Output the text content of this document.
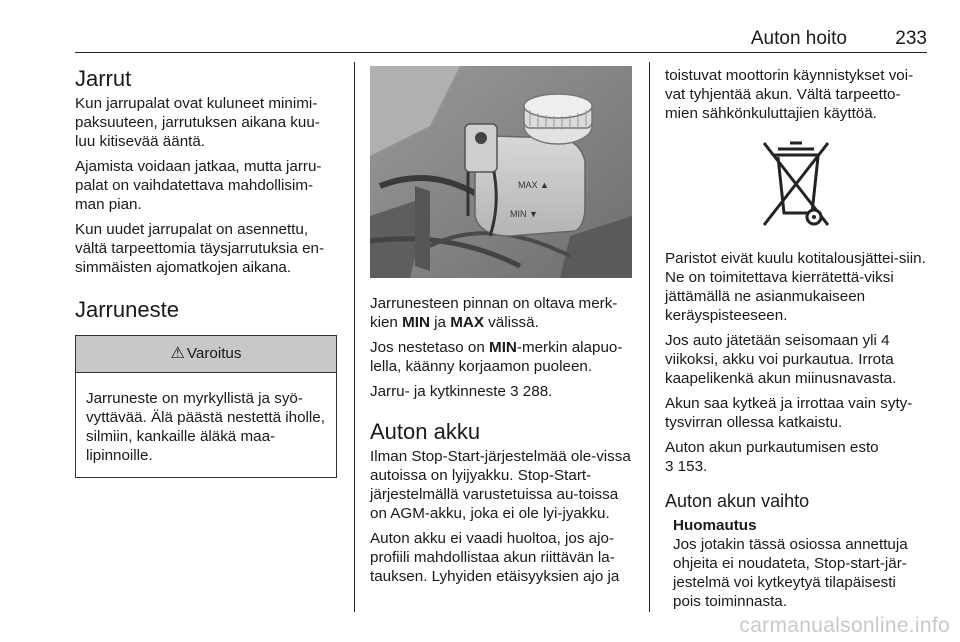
Auton hoito	233
Jarrut

Kun jarrupalat ovat kuluneet minimi-paksuuteen, jarrutuksen aikana kuu-luu kitisevää ääntä.

Ajamista voidaan jatkaa, mutta jarru-palat on vaihdatettava mahdollisim-man pian.

Kun uudet jarrupalat on asennettu, vältä tarpeettomia täysjarrutuksia en-simmäisten ajomatkojen aikana.

Jarruneste
⚠ Varoitus
Jarruneste on myrkyllistä ja syö-vyttävää. Älä päästä nestettä iholle, silmiin, kankaille äläkä maa-lipinnoille.
MAX ▲
MIN ▼

Jarrunesteen pinnan on oltava merk-kien MIN ja MAX välissä.

Jos nestetaso on MIN-merkin alapuo-lella, käänny korjaamon puoleen.

Jarru- ja kytkinneste 3 288.

Auton akku

Ilman Stop-Start-järjestelmää ole-vissa autoissa on lyijyakku. Stop-Start-järjestelmällä varustetuissa au-toissa on AGM-akku, joka ei ole lyi-jyakku.

Auton akku ei vaadi huoltoa, jos ajo-profiili mahdollistaa akun riittävän la-tauksen. Lyhyiden etäisyyksien ajo ja

toistuvat moottorin käynnistykset voi-vat tyhjentää akun. Vältä tarpeetto-mien sähkönkuluttajien käyttöä.

Paristot eivät kuulu kotitalousjättei-siin. Ne on toimitettava kierrätettä-viksi jättämällä ne asianmukaiseen keräyspisteeseen.

Jos auto jätetään seisomaan yli 4 viikoksi, akku voi purkautua. Irrota kaapelikenkä akun miinusnavasta.

Akun saa kytkeä ja irrottaa vain syty-tysvirran ollessa katkaistu.

Auton akun purkautumisen esto
3 153.

Auton akun vaihto
Huomautus
Jos jotakin tässä osiossa annettuja ohjeita ei noudateta, Stop-start-jär-jestelmä voi kytkeytyä tilapäisesti pois toiminnasta.
carmanualsonline.info
